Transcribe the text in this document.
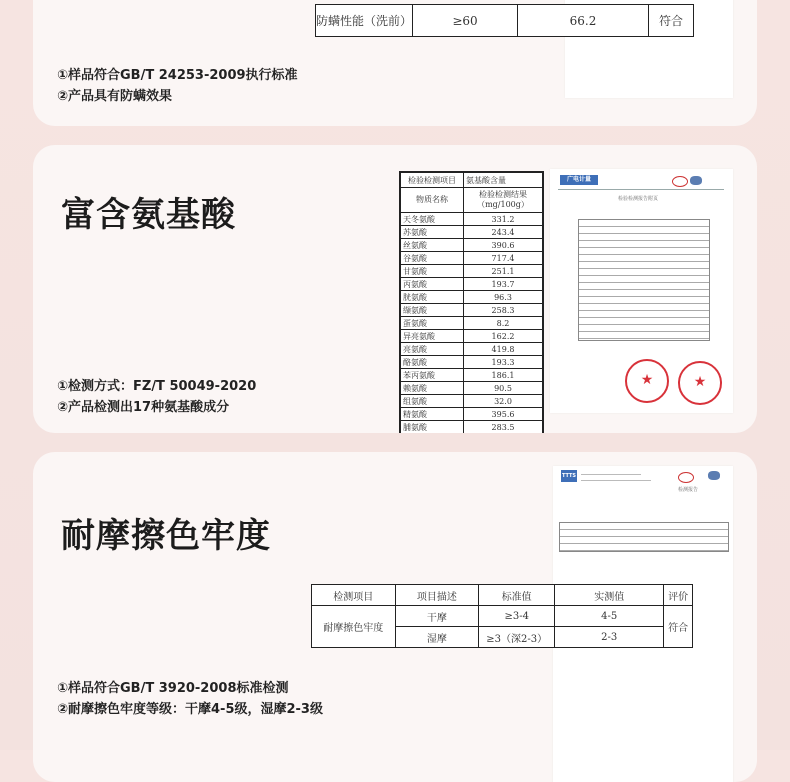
防螨性能（洗前）	≥60	66.2	符合
①样品符合GB/T 24253-2009执行标准
②产品具有防螨效果
富含氨基酸
检验检测项目	氨基酸含量
物质名称	检验检测结果（mg/100g）
天冬氨酸	331.2
苏氨酸	243.4
丝氨酸	390.6
谷氨酸	717.4
甘氨酸	251.1
丙氨酸	193.7
胱氨酸	96.3
缬氨酸	258.3
蛋氨酸	8.2
异亮氨酸	162.2
亮氨酸	419.8
酪氨酸	193.3
苯丙氨酸	186.1
赖氨酸	90.5
组氨酸	32.0
精氨酸	395.6
脯氨酸	283.5
广电计量
检验检测报告附页
★	★
①检测方式：FZ/T 50049-2020
②产品检测出17种氨基酸成分
耐摩擦色牢度
TTTS
检测报告
检测项目	项目描述	标准值	实测值	评价
耐摩擦色牢度	干摩	≥3-4	4-5	符合
	湿摩	≥3（深2-3）	2-3	
①样品符合GB/T 3920-2008标准检测
②耐摩擦色牢度等级：干摩4-5级，湿摩2-3级
